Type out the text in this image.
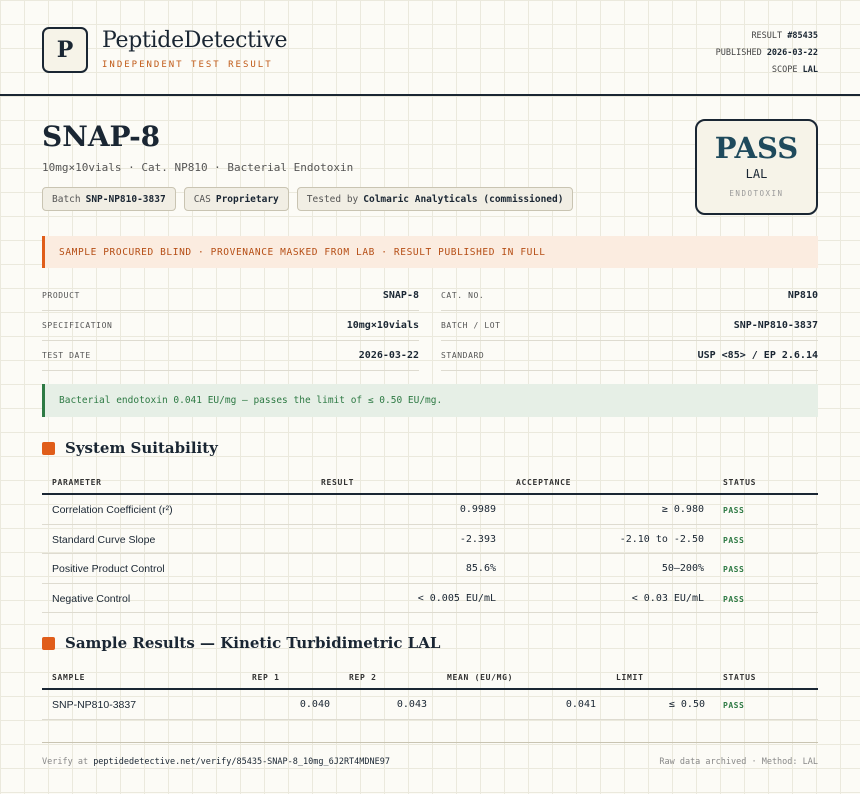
P	PeptideDetective
INDEPENDENT TEST RESULT
RESULT #85435
PUBLISHED 2026-03-22
SCOPE LAL
SNAP-8
10mg×10vials · Cat. NP810 · Bacterial Endotoxin
Batch SNP-NP810-3837	CAS Proprietary	Tested by Colmaric Analyticals (commissioned)
PASS
LAL
ENDOTOXIN
SAMPLE PROCURED BLIND · PROVENANCE MASKED FROM LAB · RESULT PUBLISHED IN FULL
PRODUCT	SNAP-8
SPECIFICATION	10mg×10vials
TEST DATE	2026-03-22
CAT. NO.	NP810
BATCH / LOT	SNP-NP810-3837
STANDARD	USP <85> / EP 2.6.14
Bacterial endotoxin 0.041 EU/mg — passes the limit of ≤ 0.50 EU/mg.
System Suitability
PARAMETER	RESULT	ACCEPTANCE	STATUS
Correlation Coefficient (r²)	0.9989	≥ 0.980 PASS
Standard Curve Slope	-2.393	-2.10 to -2.50 PASS
Positive Product Control	85.6%	50–200% PASS
Negative Control	< 0.005 EU/mL	< 0.03 EU/mL PASS
Sample Results — Kinetic Turbidimetric LAL
SAMPLE	REP 1	REP 2	MEAN (EU/MG)	LIMIT	STATUS
SNP-NP810-3837	0.040	0.043	0.041	≤ 0.50 PASS
Verify at peptidedetective.net/verify/85435-SNAP-8_10mg_6J2RT4MDNE97	Raw data archived · Method: LAL
